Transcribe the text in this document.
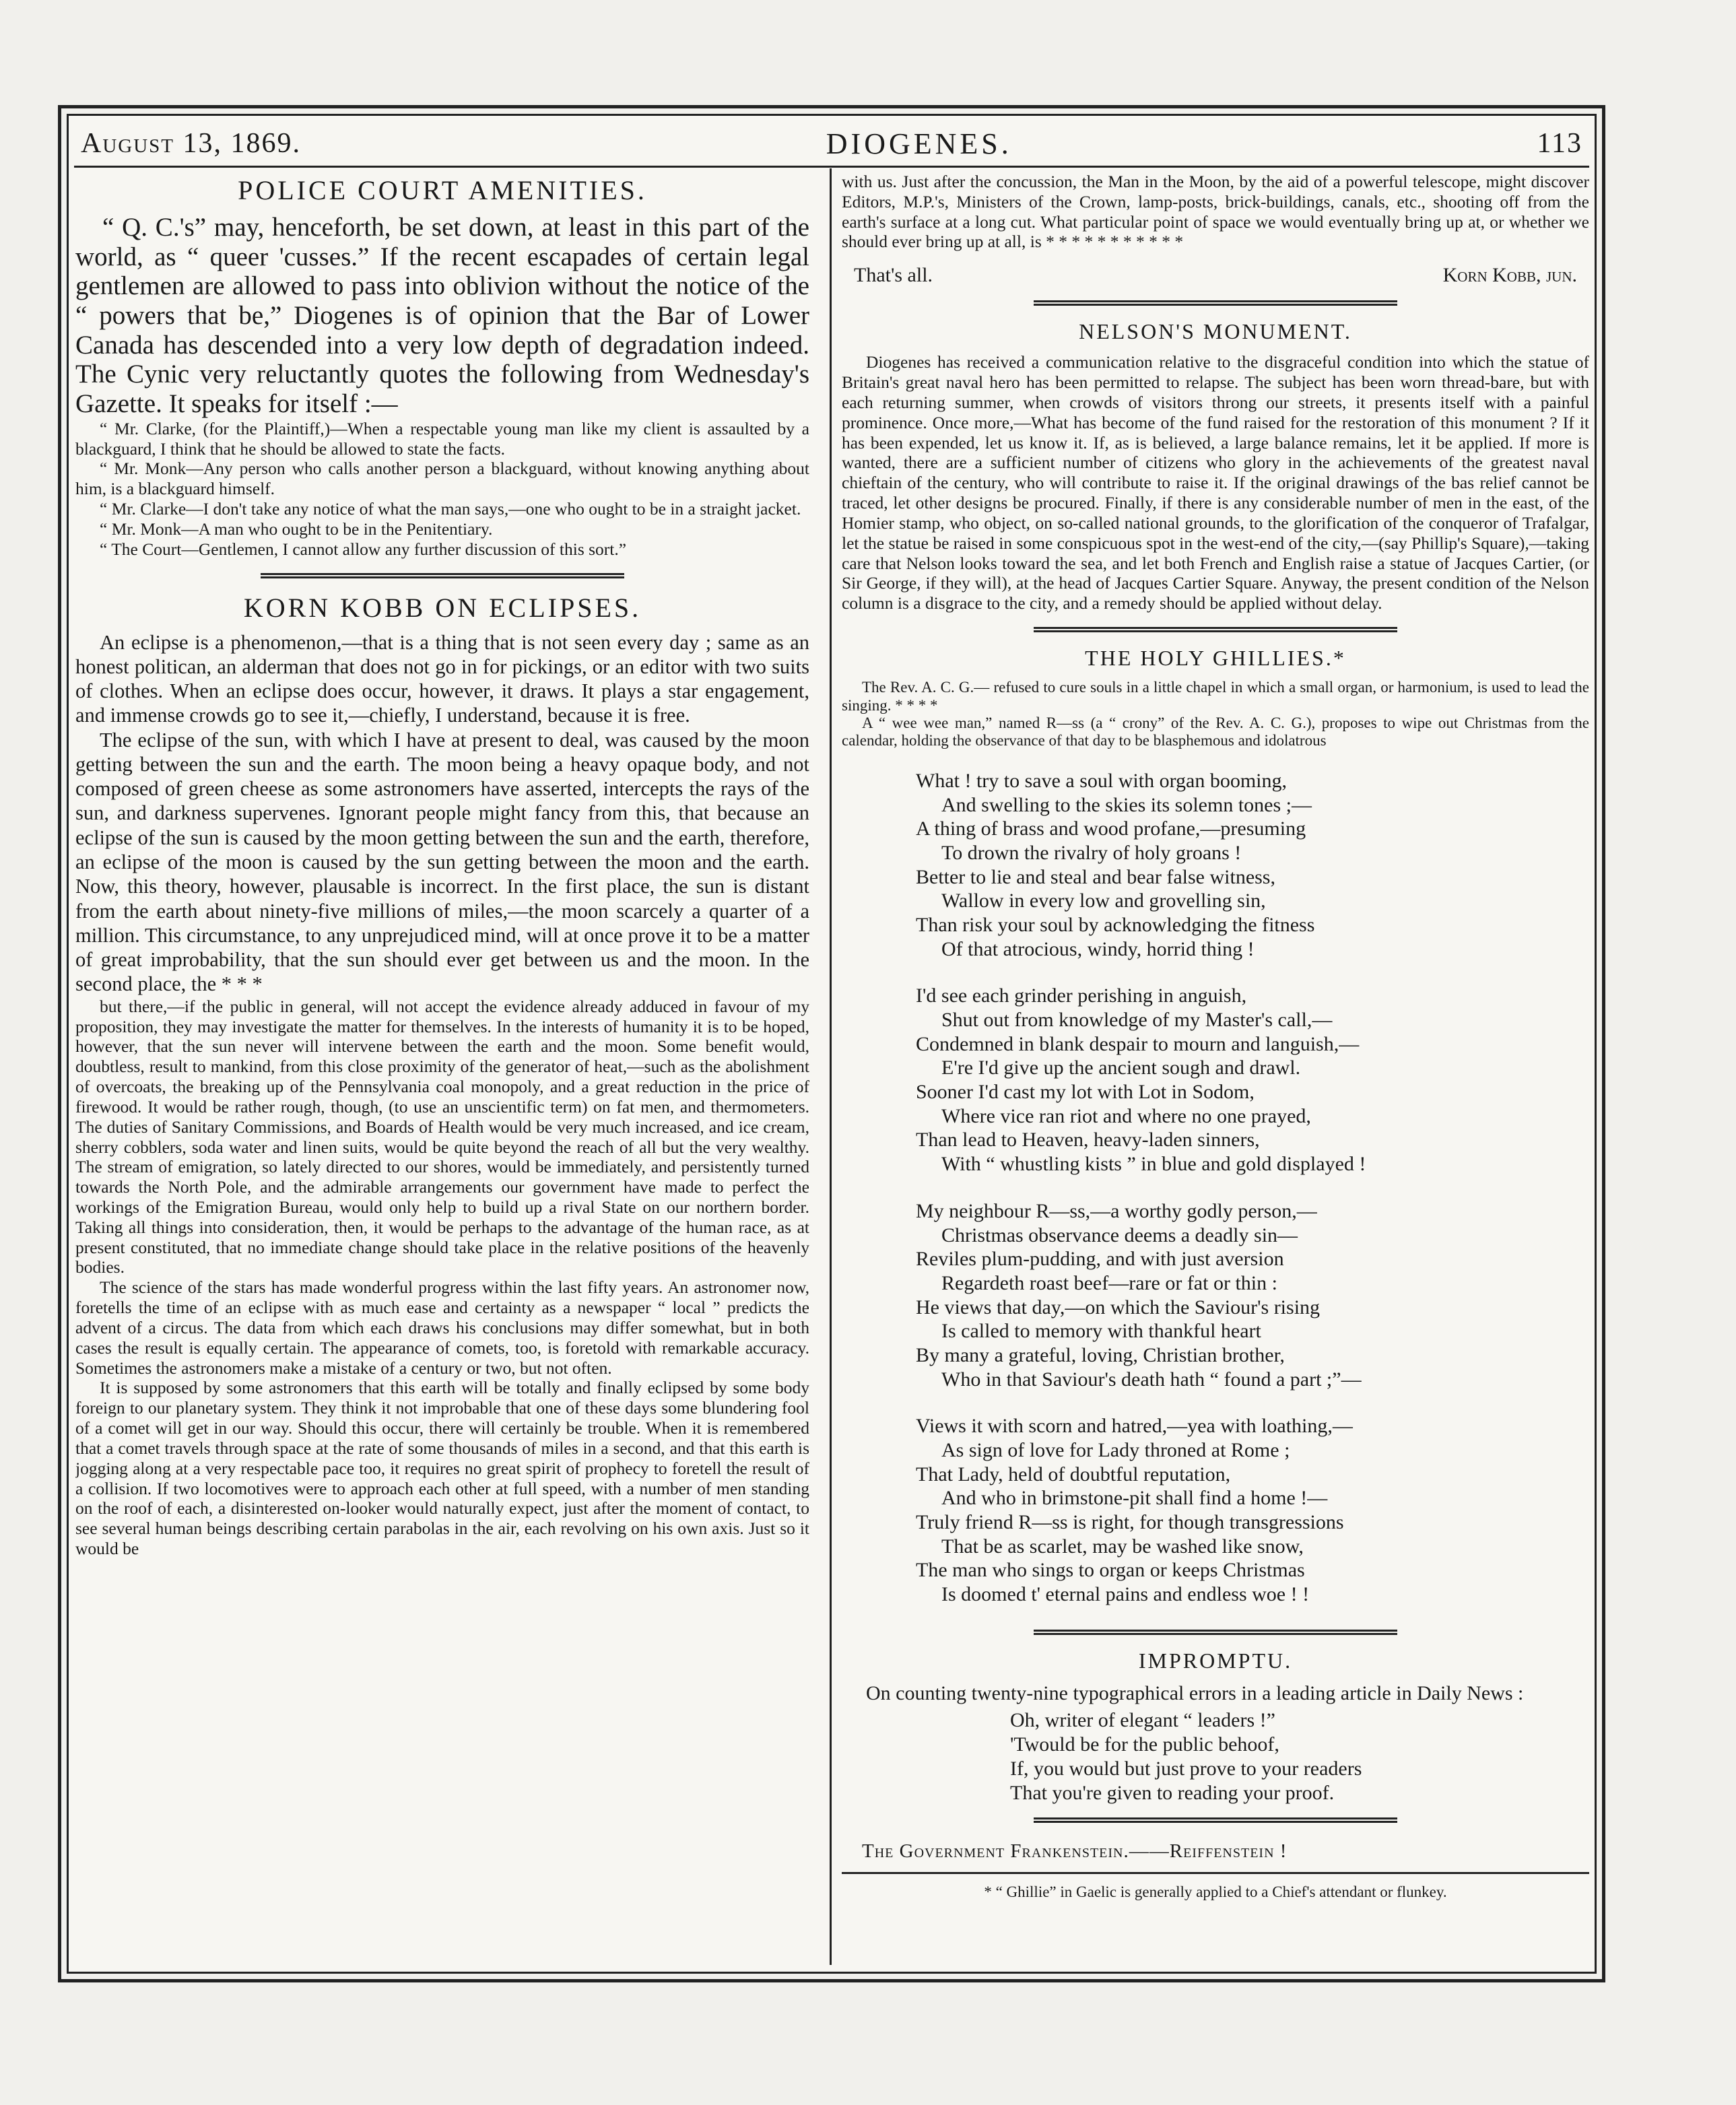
August 13, 1869.	DIOGENES.	113
POLICE COURT AMENITIES.

“ Q. C.'s” may, henceforth, be set down, at least in this part of the world, as “ queer 'cusses.” If the recent escapades of certain legal gentlemen are allowed to pass into oblivion without the notice of the “ powers that be,” Diogenes is of opinion that the Bar of Lower Canada has descended into a very low depth of degradation indeed. The Cynic very reluctantly quotes the following from Wednesday's Gazette. It speaks for itself :—

“ Mr. Clarke, (for the Plaintiff,)—When a respectable young man like my client is assaulted by a blackguard, I think that he should be allowed to state the facts.

“ Mr. Monk—Any person who calls another person a blackguard, without knowing anything about him, is a blackguard himself.

“ Mr. Clarke—I don't take any notice of what the man says,—one who ought to be in a straight jacket.

“ Mr. Monk—A man who ought to be in the Penitentiary.

“ The Court—Gentlemen, I cannot allow any further discussion of this sort.”

KORN KOBB ON ECLIPSES.

An eclipse is a phenomenon,—that is a thing that is not seen every day ; same as an honest politican, an alderman that does not go in for pickings, or an editor with two suits of clothes. When an eclipse does occur, however, it draws. It plays a star engagement, and immense crowds go to see it,—chiefly, I understand, because it is free.

The eclipse of the sun, with which I have at present to deal, was caused by the moon getting between the sun and the earth. The moon being a heavy opaque body, and not composed of green cheese as some astronomers have asserted, intercepts the rays of the sun, and darkness supervenes. Ignorant people might fancy from this, that because an eclipse of the sun is caused by the moon getting between the sun and the earth, therefore, an eclipse of the moon is caused by the sun getting between the moon and the earth. Now, this theory, however, plausable is incorrect. In the first place, the sun is distant from the earth about ninety-five millions of miles,—the moon scarcely a quarter of a million. This circumstance, to any unprejudiced mind, will at once prove it to be a matter of great improbability, that the sun should ever get between us and the moon. In the second place, the * * *

but there,—if the public in general, will not accept the evidence already adduced in favour of my proposition, they may investigate the matter for themselves. In the interests of humanity it is to be hoped, however, that the sun never will intervene between the earth and the moon. Some benefit would, doubtless, result to mankind, from this close proximity of the generator of heat,—such as the abolishment of overcoats, the breaking up of the Pennsylvania coal monopoly, and a great reduction in the price of firewood. It would be rather rough, though, (to use an unscientific term) on fat men, and thermometers. The duties of Sanitary Commissions, and Boards of Health would be very much increased, and ice cream, sherry cobblers, soda water and linen suits, would be quite beyond the reach of all but the very wealthy. The stream of emigration, so lately directed to our shores, would be immediately, and persistently turned towards the North Pole, and the admirable arrangements our government have made to perfect the workings of the Emigration Bureau, would only help to build up a rival State on our northern border. Taking all things into consideration, then, it would be perhaps to the advantage of the human race, as at present constituted, that no immediate change should take place in the relative positions of the heavenly bodies.

The science of the stars has made wonderful progress within the last fifty years. An astronomer now, foretells the time of an eclipse with as much ease and certainty as a newspaper “ local ” predicts the advent of a circus. The data from which each draws his conclusions may differ somewhat, but in both cases the result is equally certain. The appearance of comets, too, is foretold with remarkable accuracy. Sometimes the astronomers make a mistake of a century or two, but not often.

It is supposed by some astronomers that this earth will be totally and finally eclipsed by some body foreign to our planetary system. They think it not improbable that one of these days some blundering fool of a comet will get in our way. Should this occur, there will certainly be trouble. When it is remembered that a comet travels through space at the rate of some thousands of miles in a second, and that this earth is jogging along at a very respectable pace too, it requires no great spirit of prophecy to foretell the result of a collision. If two locomotives were to approach each other at full speed, with a number of men standing on the roof of each, a disinterested on-looker would naturally expect, just after the moment of contact, to see several human beings describing certain parabolas in the air, each revolving on his own axis. Just so it would be

with us. Just after the concussion, the Man in the Moon, by the aid of a powerful telescope, might discover Editors, M.P.'s, Ministers of the Crown, lamp-posts, brick-buildings, canals, etc., shooting off from the earth's surface at a long cut. What particular point of space we would eventually bring up at, or whether we should ever bring up at all, is * * * * * * * * * * *

That's all.	Korn Kobb, jun.
NELSON'S MONUMENT.

Diogenes has received a communication relative to the disgraceful condition into which the statue of Britain's great naval hero has been permitted to relapse. The subject has been worn thread-bare, but with each returning summer, when crowds of visitors throng our streets, it presents itself with a painful prominence. Once more,—What has become of the fund raised for the restoration of this monument ? If it has been expended, let us know it. If, as is believed, a large balance remains, let it be applied. If more is wanted, there are a sufficient number of citizens who glory in the achievements of the greatest naval chieftain of the century, who will contribute to raise it. If the original drawings of the bas relief cannot be traced, let other designs be procured. Finally, if there is any considerable number of men in the east, of the Homier stamp, who object, on so-called national grounds, to the glorification of the conqueror of Trafalgar, let the statue be raised in some conspicuous spot in the west-end of the city,—(say Phillip's Square),—taking care that Nelson looks toward the sea, and let both French and English raise a statue of Jacques Cartier, (or Sir George, if they will), at the head of Jacques Cartier Square. Anyway, the present condition of the Nelson column is a disgrace to the city, and a remedy should be applied without delay.

THE HOLY GHILLIES.*

The Rev. A. C. G.— refused to cure souls in a little chapel in which a small organ, or harmonium, is used to lead the singing. * * * *

A “ wee wee man,” named R—ss (a “ crony” of the Rev. A. C. G.), proposes to wipe out Christmas from the calendar, holding the observance of that day to be blasphemous and idolatrous

What ! try to save a soul with organ booming,
And swelling to the skies its solemn tones ;—
A thing of brass and wood profane,—presuming
To drown the rivalry of holy groans !
Better to lie and steal and bear false witness,
Wallow in every low and grovelling sin,
Than risk your soul by acknowledging the fitness
Of that atrocious, windy, horrid thing !
I'd see each grinder perishing in anguish,
Shut out from knowledge of my Master's call,—
Condemned in blank despair to mourn and languish,—
E're I'd give up the ancient sough and drawl.
Sooner I'd cast my lot with Lot in Sodom,
Where vice ran riot and where no one prayed,
Than lead to Heaven, heavy-laden sinners,
With “ whustling kists ” in blue and gold displayed !
My neighbour R—ss,—a worthy godly person,—
Christmas observance deems a deadly sin—
Reviles plum-pudding, and with just aversion
Regardeth roast beef—rare or fat or thin :
He views that day,—on which the Saviour's rising
Is called to memory with thankful heart
By many a grateful, loving, Christian brother,
Who in that Saviour's death hath “ found a part ;”—
Views it with scorn and hatred,—yea with loathing,—
As sign of love for Lady throned at Rome ;
That Lady, held of doubtful reputation,
And who in brimstone-pit shall find a home !—
Truly friend R—ss is right, for though transgressions
That be as scarlet, may be washed like snow,
The man who sings to organ or keeps Christmas
Is doomed t' eternal pains and endless woe ! !
IMPROMPTU.

On counting twenty-nine typographical errors in a leading article in Daily News :

Oh, writer of elegant “ leaders !”
'Twould be for the public behoof,
If, you would but just prove to your readers
That you're given to reading your proof.
The Government Frankenstein.——Reiffenstein !
* “ Ghillie” in Gaelic is generally applied to a Chief's attendant or flunkey.
